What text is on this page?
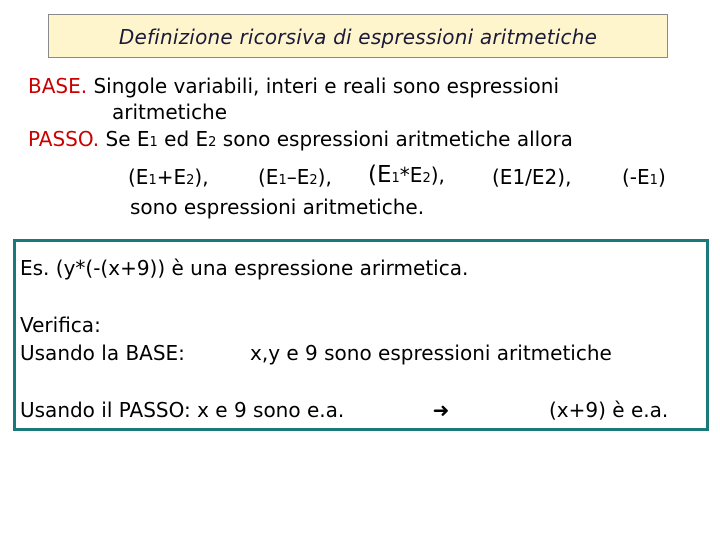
Definizione ricorsiva di espressioni aritmetiche
BASE. Singole variabili, interi e reali sono espressioni
aritmetiche
PASSO. Se E1 ed E2 sono espressioni aritmetiche allora
(E1+E2), (E1–E2), (E1*E2), (E1/E2),	(-E1)
sono espressioni aritmetiche.
Es. (y*(-(x+9)) è una espressione arirmetica.
Verifica:
Usando la BASE:	x,y e 9 sono espressioni aritmetiche
Usando il PASSO: x e 9 sono e.a.	➜	(x+9) è e.a.
